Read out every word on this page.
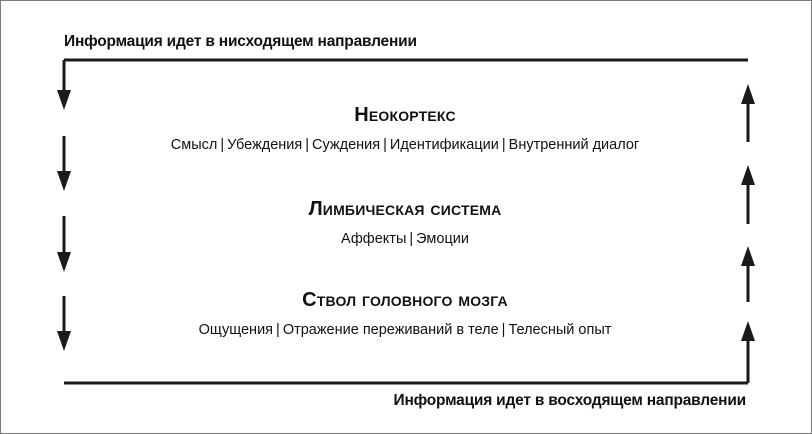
Информация идет в нисходящем направлении
Неокортекс
Смысл | Убеждения | Суждения | Идентификации | Внутренний диалог
Лимбическая система
Аффекты | Эмоции
Ствол головного мозга
Ощущения | Отражение переживаний в теле | Телесный опыт
Информация идет в восходящем направлении
